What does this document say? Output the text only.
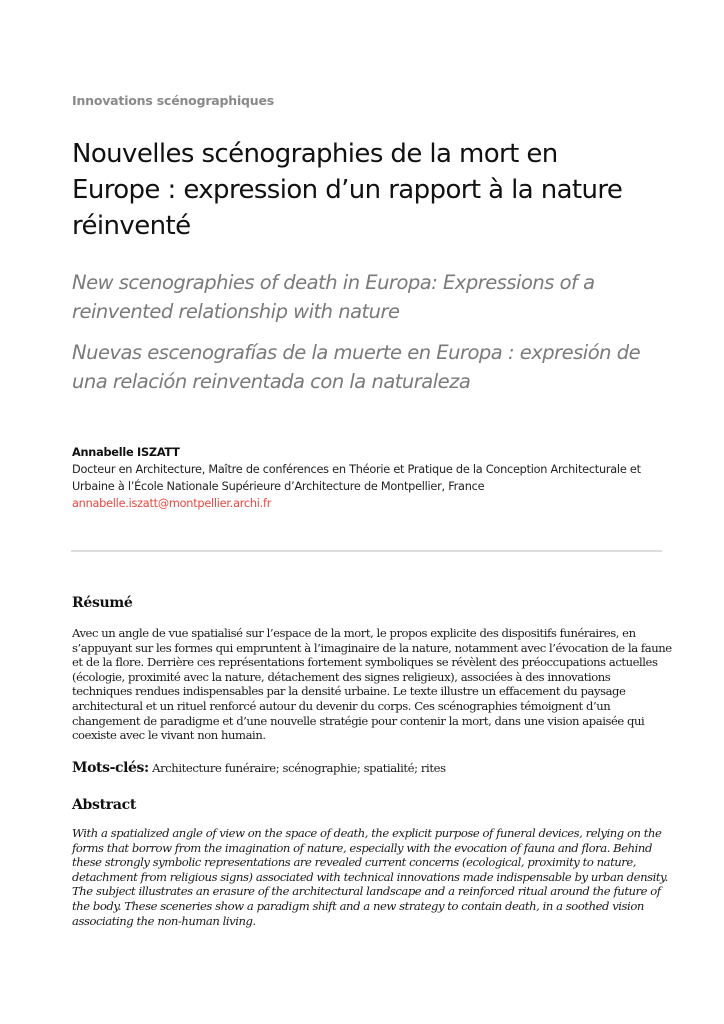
Innovations scénographiques
Nouvelles scénographies de la mort en Europe : expression d’un rapport à la nature réinventé

New scenographies of death in Europa: Expressions of a reinvented relationship with nature

Nuevas escenografías de la muerte en Europa : expresión de una relación reinventada con la naturaleza

Annabelle ISZATT
Docteur en Architecture, Maître de conférences en Théorie et Pratique de la Conception Architecturale et Urbaine à l’École Nationale Supérieure d’Architecture de Montpellier, France
annabelle.iszatt@montpellier.archi.fr
Résumé

Avec un angle de vue spatialisé sur l’espace de la mort, le propos explicite des dispositifs funéraires, en s’appuyant sur les formes qui empruntent à l’imaginaire de la nature, notamment avec l’évocation de la faune et de la flore. Derrière ces représentations fortement symboliques se révèlent des préoccupations actuelles (écologie, proximité avec la nature, détachement des signes religieux), associées à des innovations techniques rendues indispensables par la densité urbaine. Le texte illustre un effacement du paysage architectural et un rituel renforcé autour du devenir du corps. Ces scénographies témoignent d’un changement de paradigme et d’une nouvelle stratégie pour contenir la mort, dans une vision apaisée qui coexiste avec le vivant non humain.

Mots-clés: Architecture funéraire; scénographie; spatialité; rites
Abstract

With a spatialized angle of view on the space of death, the explicit purpose of funeral devices, relying on the forms that borrow from the imagination of nature, especially with the evocation of fauna and flora. Behind these strongly symbolic representations are revealed current concerns (ecological, proximity to nature, detachment from religious signs) associated with technical innovations made indispensable by urban density. The subject illustrates an erasure of the architectural landscape and a reinforced ritual around the future of the body. These sceneries show a paradigm shift and a new strategy to contain death, in a soothed vision associating the non-human living.
